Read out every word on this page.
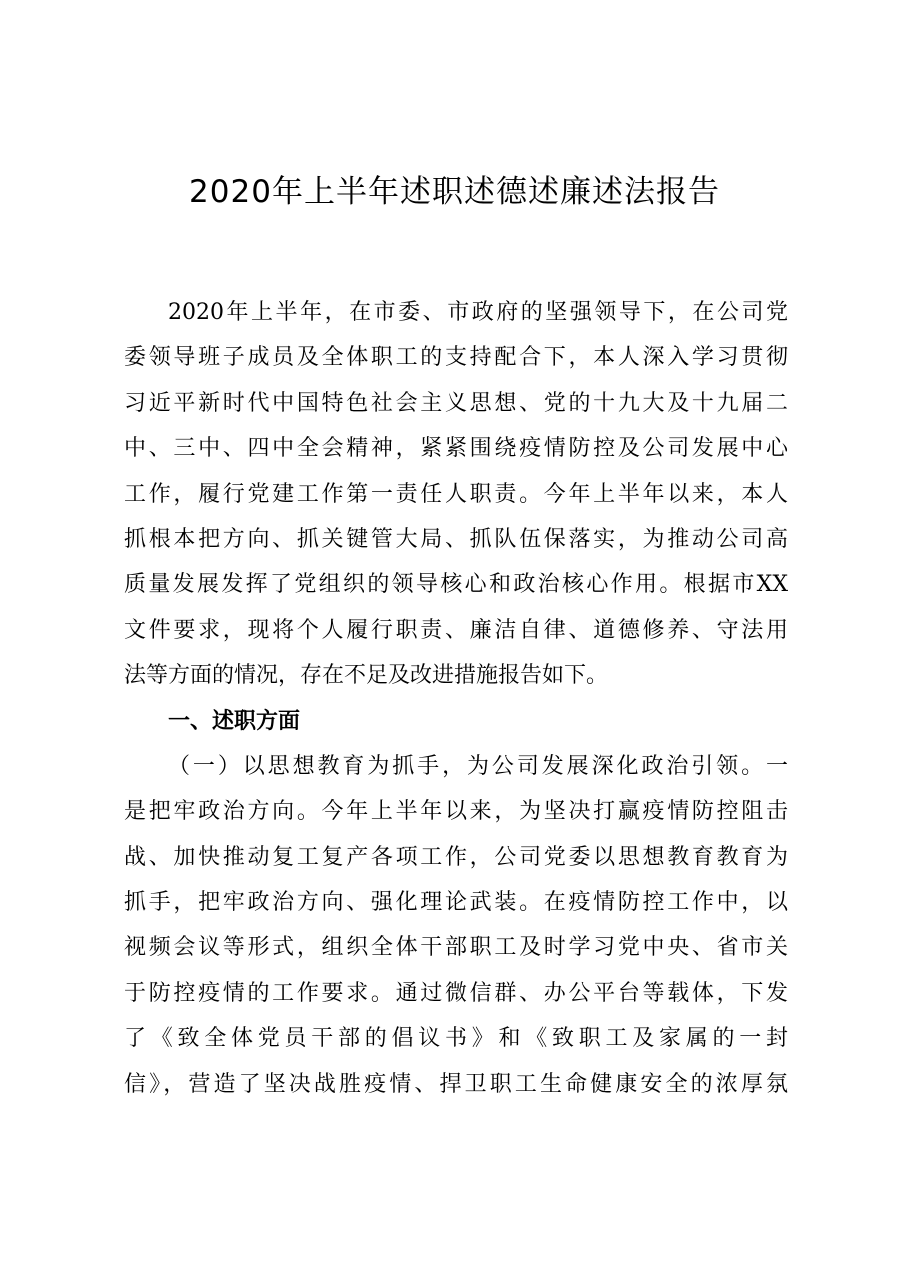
2020年上半年述职述德述廉述法报告
2020年上半年，在市委、市政府的坚强领导下，在公司党
委领导班子成员及全体职工的支持配合下，本人深入学习贯彻
习近平新时代中国特色社会主义思想、党的十九大及十九届二
中、三中、四中全会精神，紧紧围绕疫情防控及公司发展中心
工作，履行党建工作第一责任人职责。今年上半年以来，本人
抓根本把方向、抓关键管大局、抓队伍保落实，为推动公司高
质量发展发挥了党组织的领导核心和政治核心作用。根据市XX
文件要求，现将个人履行职责、廉洁自律、道德修养、守法用
法等方面的情况，存在不足及改进措施报告如下。
一、述职方面
（一）以思想教育为抓手，为公司发展深化政治引领。一
是把牢政治方向。今年上半年以来，为坚决打赢疫情防控阻击
战、加快推动复工复产各项工作，公司党委以思想教育教育为
抓手，把牢政治方向、强化理论武装。在疫情防控工作中，以
视频会议等形式，组织全体干部职工及时学习党中央、省市关
于防控疫情的工作要求。通过微信群、办公平台等载体，下发
了《致全体党员干部的倡议书》和《致职工及家属的一封
信》，营造了坚决战胜疫情、捍卫职工生命健康安全的浓厚氛
